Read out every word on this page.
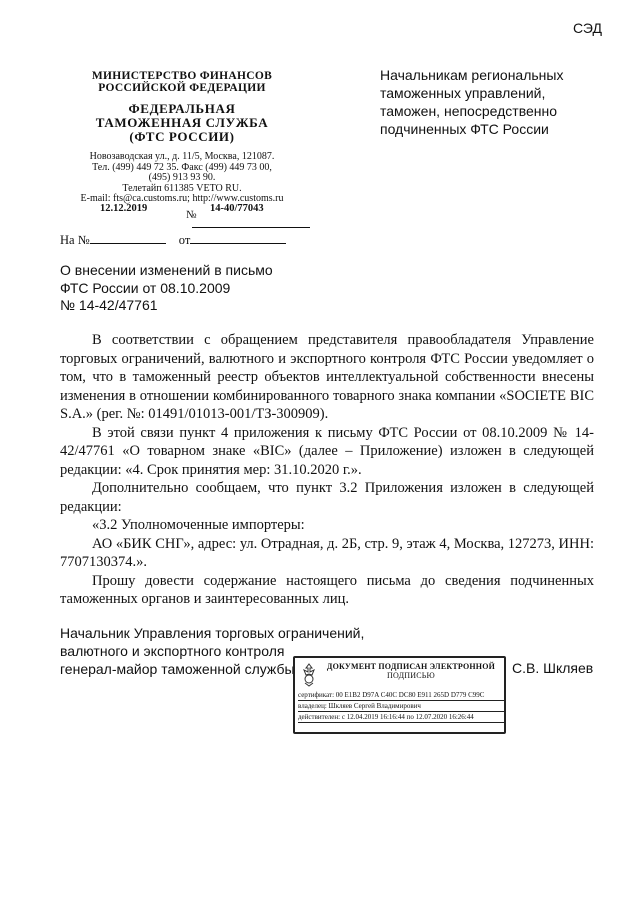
СЭД
МИНИСТЕРСТВО ФИНАНСОВ
РОССИЙСКОЙ ФЕДЕРАЦИИ
ФЕДЕРАЛЬНАЯ
ТАМОЖЕННАЯ СЛУЖБА
(ФТС РОССИИ)
Новозаводская ул., д. 11/5, Москва, 121087.
Тел. (499) 449 72 35. Факс (499) 449 73 00,
(495) 913 93 90.
Телетайп 611385 VETO RU.
E-mail: fts@ca.customs.ru; http://www.customs.ru
12.12.2019
№
14-40/77043
На №	от
Начальникам региональных
таможенных управлений,
таможен, непосредственно
подчиненных ФТС России
О внесении изменений в письмо
ФТС России от 08.10.2009
№ 14-42/47761

В соответствии с обращением представителя правообладателя Управление торговых ограничений, валютного и экспортного контроля ФТС России уведомляет о том, что в таможенный реестр объектов интеллектуальной собственности внесены изменения в отношении комбинированного товарного знака компании «SOCIETE BIC S.A.» (рег. №: 01491/01013-001/ТЗ-300909).

В этой связи пункт 4 приложения к письму ФТС России от 08.10.2009 № 14-42/47761 «О товарном знаке «BIC» (далее – Приложение) изложен в следующей редакции: «4. Срок принятия мер: 31.10.2020 г.».

Дополнительно сообщаем, что пункт 3.2 Приложения изложен в следующей редакции:

«3.2 Уполномоченные импортеры:

АО «БИК СНГ», адрес: ул. Отрадная, д. 2Б, стр. 9, этаж 4, Москва, 127273, ИНН: 7707130374.».

Прошу довести содержание настоящего письма до сведения подчиненных таможенных органов и заинтересованных лиц.

Начальник Управления торговых ограничений,
валютного и экспортного контроля
генерал-майор таможенной службы	С.В. Шкляев
ДОКУМЕНТ ПОДПИСАН ЭЛЕКТРОННОЙ
ПОДПИСЬЮ
сертификат: 00 E1B2 D97A C40C DC80 E911 265D D779 C99C
владелец: Шкляев Сергей Владимирович
действителен: с 12.04.2019 16:16:44 по 12.07.2020 16:26:44
